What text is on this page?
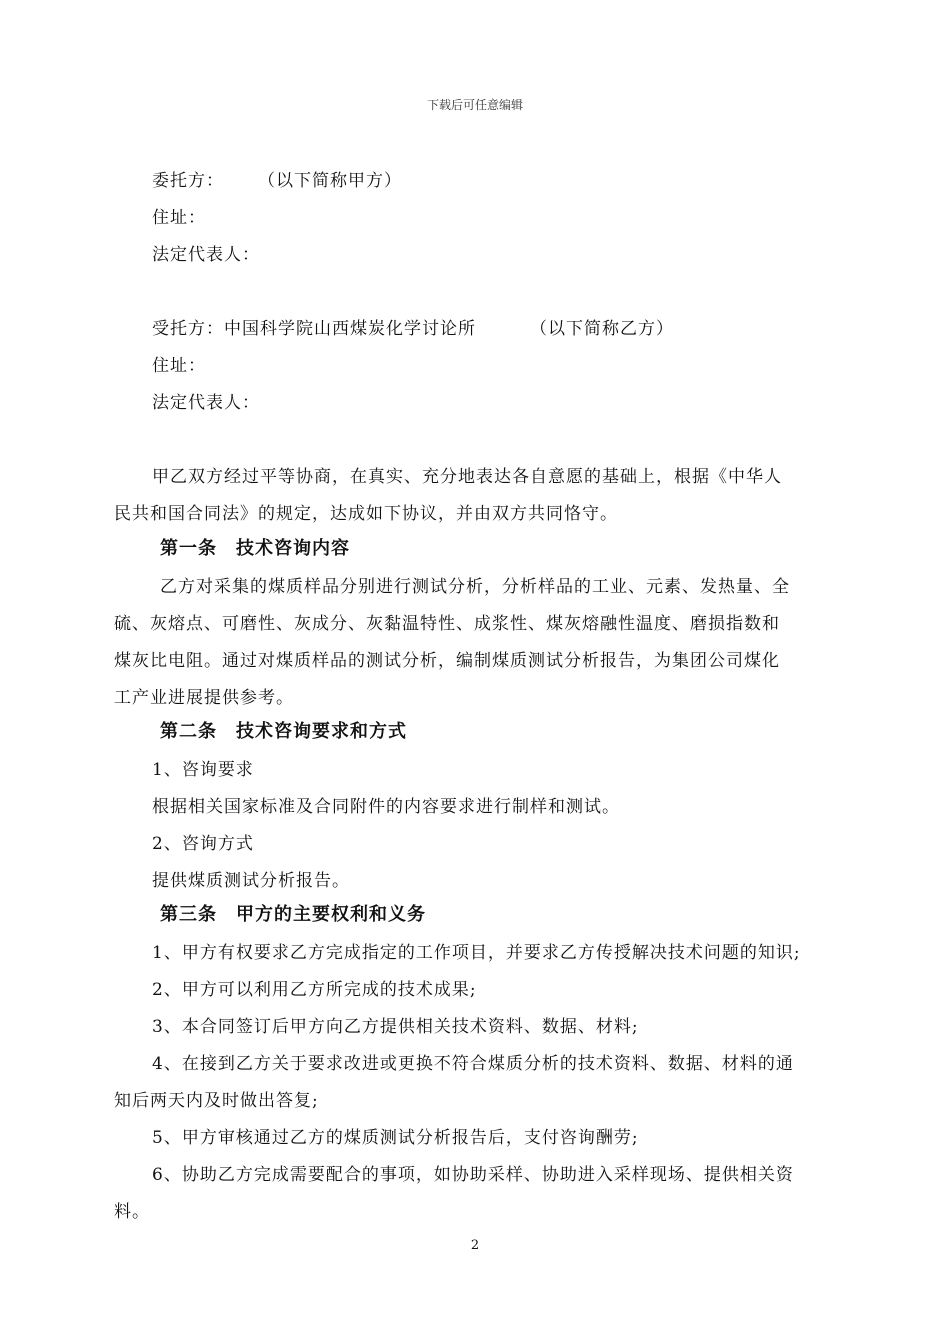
下载后可任意编辑
委托方： （以下简称甲方）
住址：
法定代表人：
受托方：中国科学院山西煤炭化学讨论所	（以下简称乙方）
住址：
法定代表人：
甲乙双方经过平等协商，在真实、充分地表达各自意愿的基础上，根据《中华人
民共和国合同法》的规定，达成如下协议，并由双方共同恪守。
第一条　技术咨询内容
乙方对采集的煤质样品分别进行测试分析，分析样品的工业、元素、发热量、全
硫、灰熔点、可磨性、灰成分、灰黏温特性、成浆性、煤灰熔融性温度、磨损指数和
煤灰比电阻。通过对煤质样品的测试分析，编制煤质测试分析报告，为集团公司煤化
工产业进展提供参考。
第二条　技术咨询要求和方式
1、咨询要求
根据相关国家标准及合同附件的内容要求进行制样和测试。
2、咨询方式
提供煤质测试分析报告。
第三条　甲方的主要权利和义务
1、甲方有权要求乙方完成指定的工作项目，并要求乙方传授解决技术问题的知识;
2、甲方可以利用乙方所完成的技术成果;
3、本合同签订后甲方向乙方提供相关技术资料、数据、材料;
4、在接到乙方关于要求改进或更换不符合煤质分析的技术资料、数据、材料的通
知后两天内及时做出答复;
5、甲方审核通过乙方的煤质测试分析报告后，支付咨询酬劳;
6、协助乙方完成需要配合的事项，如协助采样、协助进入采样现场、提供相关资
料。
2
